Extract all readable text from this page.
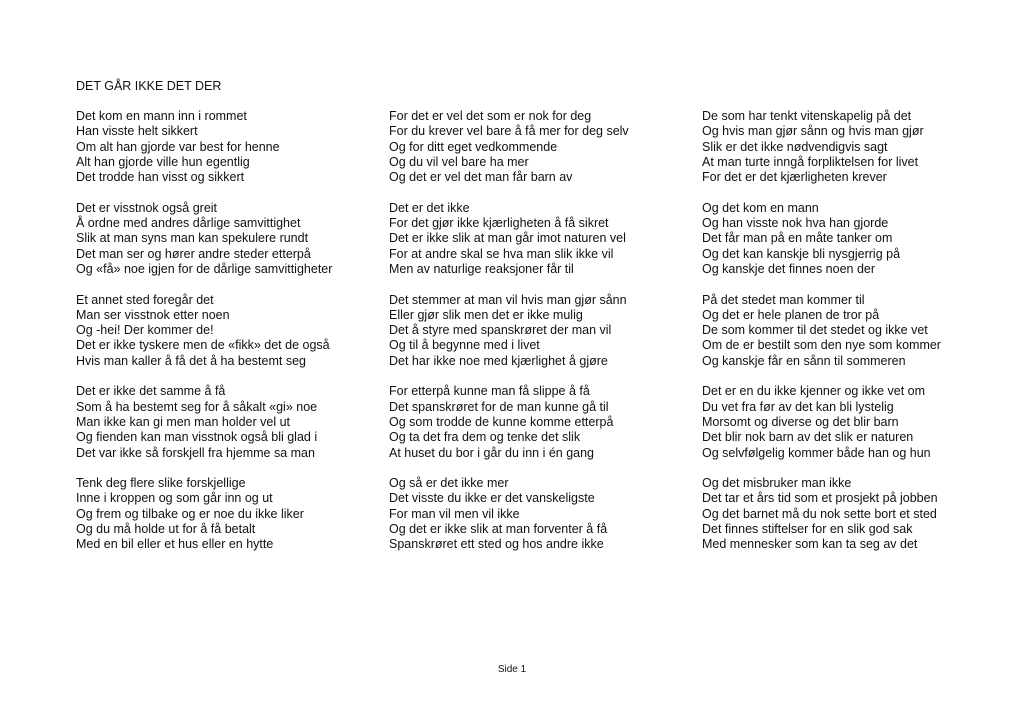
DET GÅR IKKE DET DER
Det kom en mann inn i rommet
Han visste helt sikkert
Om alt han gjorde var best for henne
Alt han gjorde ville hun egentlig
Det trodde han visst og sikkert
Det er visstnok også greit
Å ordne med andres dårlige samvittighet
Slik at man syns man kan spekulere rundt
Det man ser og hører andre steder etterpå
Og «få» noe igjen for de dårlige samvittigheter
Et annet sted foregår det
Man ser visstnok etter noen
Og -hei! Der kommer de!
Det er ikke tyskere men de «fikk» det de også
Hvis man kaller å få det å ha bestemt seg
Det er ikke det samme å få
Som å ha bestemt seg for å såkalt «gi» noe
Man ikke kan gi men man holder vel ut
Og fienden kan man visstnok også bli glad i
Det var ikke så forskjell fra hjemme sa man
Tenk deg flere slike forskjellige
Inne i kroppen og som går inn og ut
Og frem og tilbake og er noe du ikke liker
Og du må holde ut for å få betalt
Med en bil eller et hus eller en hytte
For det er vel det som er nok for deg
For du krever vel bare å få mer for deg selv
Og for ditt eget vedkommende
Og du vil vel bare ha mer
Og det er vel det man får barn av
Det er det ikke
For det gjør ikke kjærligheten å få sikret
Det er ikke slik at man går imot naturen vel
For at andre skal se hva man slik ikke vil
Men av naturlige reaksjoner får til
Det stemmer at man vil hvis man gjør sånn
Eller gjør slik men det er ikke mulig
Det å styre med spanskrøret der man vil
Og til å begynne med i livet
Det har ikke noe med kjærlighet å gjøre
For etterpå kunne man få slippe å få
Det spanskrøret for de man kunne gå til
Og som trodde de kunne komme etterpå
Og ta det fra dem og tenke det slik
At huset du bor i går du inn i én gang
Og så er det ikke mer
Det visste du ikke er det vanskeligste
For man vil men vil ikke
Og det er ikke slik at man forventer å få
Spanskrøret ett sted og hos andre ikke
De som har tenkt vitenskapelig på det
Og hvis man gjør sånn og hvis man gjør
Slik er det ikke nødvendigvis sagt
At man turte inngå forpliktelsen for livet
For det er det kjærligheten krever
Og det kom en mann
Og han visste nok hva han gjorde
Det får man på en måte tanker om
Og det kan kanskje bli nysgjerrig på
Og kanskje det finnes noen der
På det stedet man kommer til
Og det er hele planen de tror på
De som kommer til det stedet og ikke vet
Om de er bestilt som den nye som kommer
Og kanskje får en sånn til sommeren
Det er en du ikke kjenner og ikke vet om
Du vet fra før av det kan bli lystelig
Morsomt og diverse og det blir barn
Det blir nok barn av det slik er naturen
Og selvfølgelig kommer både han og hun
Og det misbruker man ikke
Det tar et års tid som et prosjekt på jobben
Og det barnet må du nok sette bort et sted
Det finnes stiftelser for en slik god sak
Med mennesker som kan ta seg av det
Side 1
